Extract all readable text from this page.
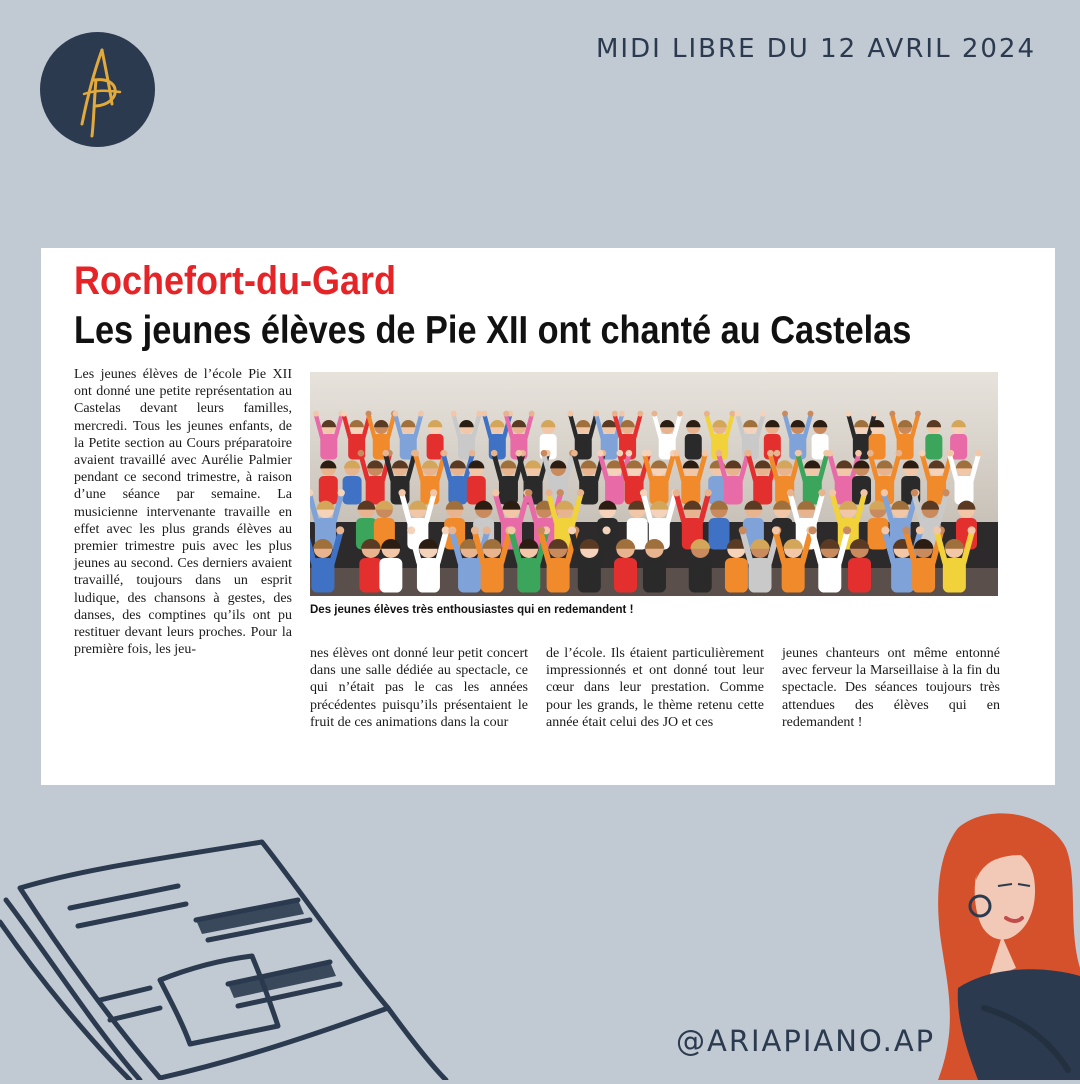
MIDI LIBRE DU 12 AVRIL 2024
Rochefort-du-Gard
Les jeunes élèves de Pie XII ont chanté au Castelas

Les jeunes élèves de l’école Pie XII ont donné une petite représentation au Castelas devant leurs familles, mercredi. Tous les jeunes enfants, de la Petite section au Cours préparatoire avaient travaillé avec Aurélie Palmier pendant ce second trimestre, à raison d’une séance par semaine. La musicienne intervenante travaille en effet avec les plus grands élèves au premier trimestre puis avec les plus jeunes au second. Ces derniers avaient travaillé, toujours dans un esprit ludique, des chansons à gestes, des danses, des comptines qu’ils ont pu restituer devant leurs proches. Pour la première fois, les jeu-

Des jeunes élèves très enthousiastes qui en redemandent !

nes élèves ont donné leur petit concert dans une salle dédiée au spectacle, ce qui n’était pas le cas les années précédentes puisqu’ils présentaient le fruit de ces animations dans la cour

de l’école. Ils étaient particulièrement impressionnés et ont donné tout leur cœur dans leur prestation. Comme pour les grands, le thème retenu cette année était celui des JO et ces

jeunes chanteurs ont même entonné avec ferveur la Marseillaise à la fin du spectacle. Des séances toujours très attendues des élèves qui en redemandent !

@ARIAPIANO.AP
